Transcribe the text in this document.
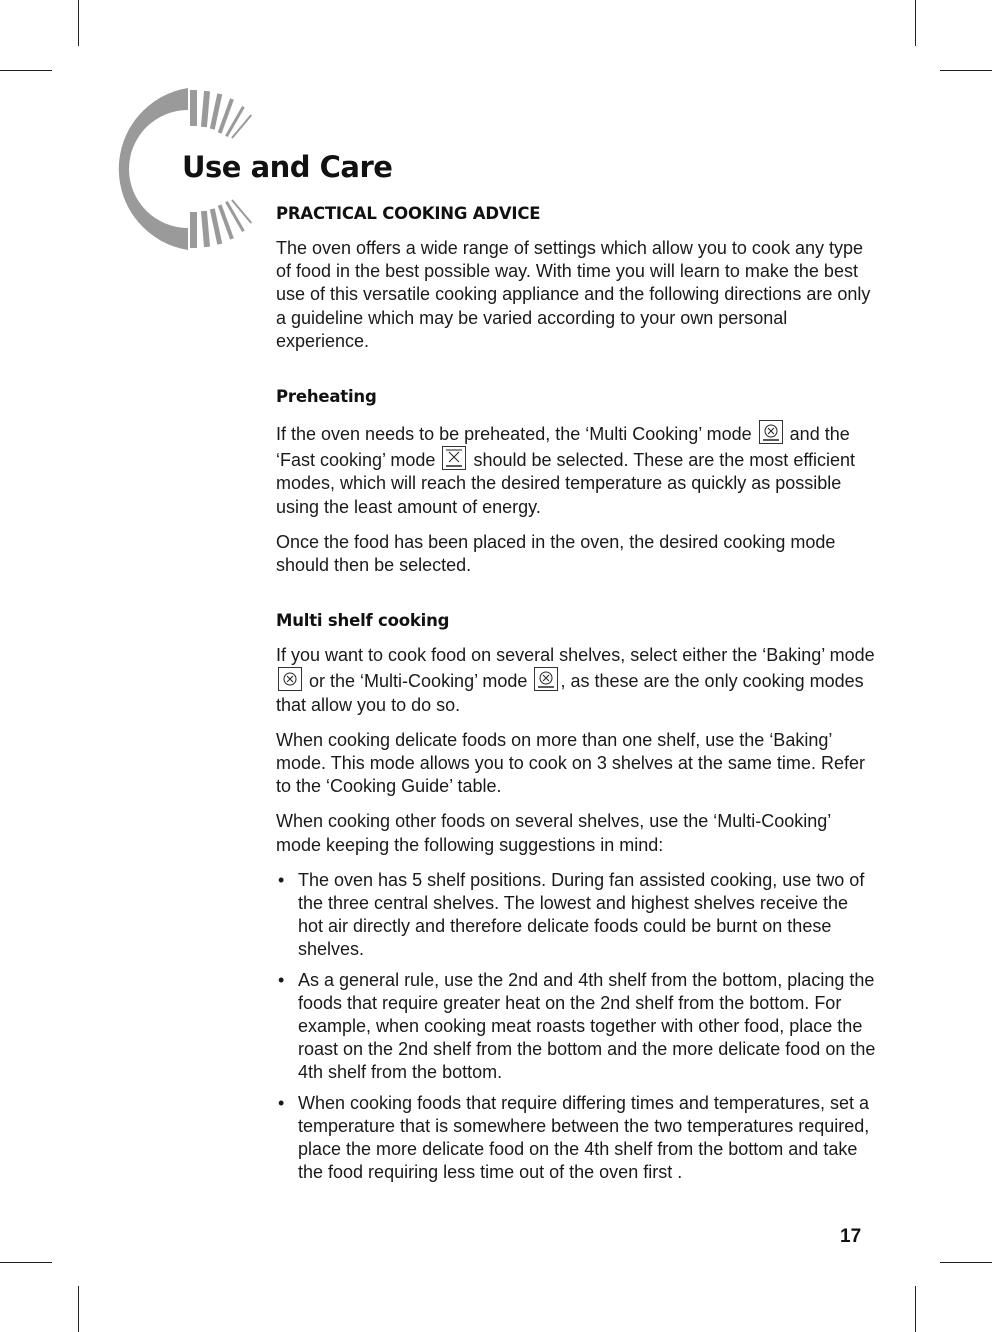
Use and Care
PRACTICAL COOKING ADVICE

The oven offers a wide range of settings which allow you to cook any type of food in the best possible way. With time you will learn to make the best use of this versatile cooking appliance and the following directions are only a guideline which may be varied according to your own personal experience.

Preheating

If the oven needs to be preheated, the ‘Multi Cooking’ mode and the ‘Fast cooking’ mode should be selected. These are the most efficient modes, which will reach the desired temperature as quickly as possible using the least amount of energy.

Once the food has been placed in the oven, the desired cooking mode should then be selected.

Multi shelf cooking

If you want to cook food on several shelves, select either the ‘Baking’ mode
or the ‘Multi-Cooking’ mode , as these are the only cooking modes that allow you to do so.

When cooking delicate foods on more than one shelf, use the ‘Baking’ mode. This mode allows you to cook on 3 shelves at the same time. Refer to the ‘Cooking Guide’ table.

When cooking other foods on several shelves, use the ‘Multi-Cooking’ mode keeping the following suggestions in mind:

• The oven has 5 shelf positions. During fan assisted cooking, use two of the three central shelves. The lowest and highest shelves receive the hot air directly and therefore delicate foods could be burnt on these shelves.
• As a general rule, use the 2nd and 4th shelf from the bottom, placing the foods that require greater heat on the 2nd shelf from the bottom. For example, when cooking meat roasts together with other food, place the roast on the 2nd shelf from the bottom and the more delicate food on the 4th shelf from the bottom.
• When cooking foods that require differing times and temperatures, set a temperature that is somewhere between the two temperatures required, place the more delicate food on the 4th shelf from the bottom and take the food requiring less time out of the oven first .
17
